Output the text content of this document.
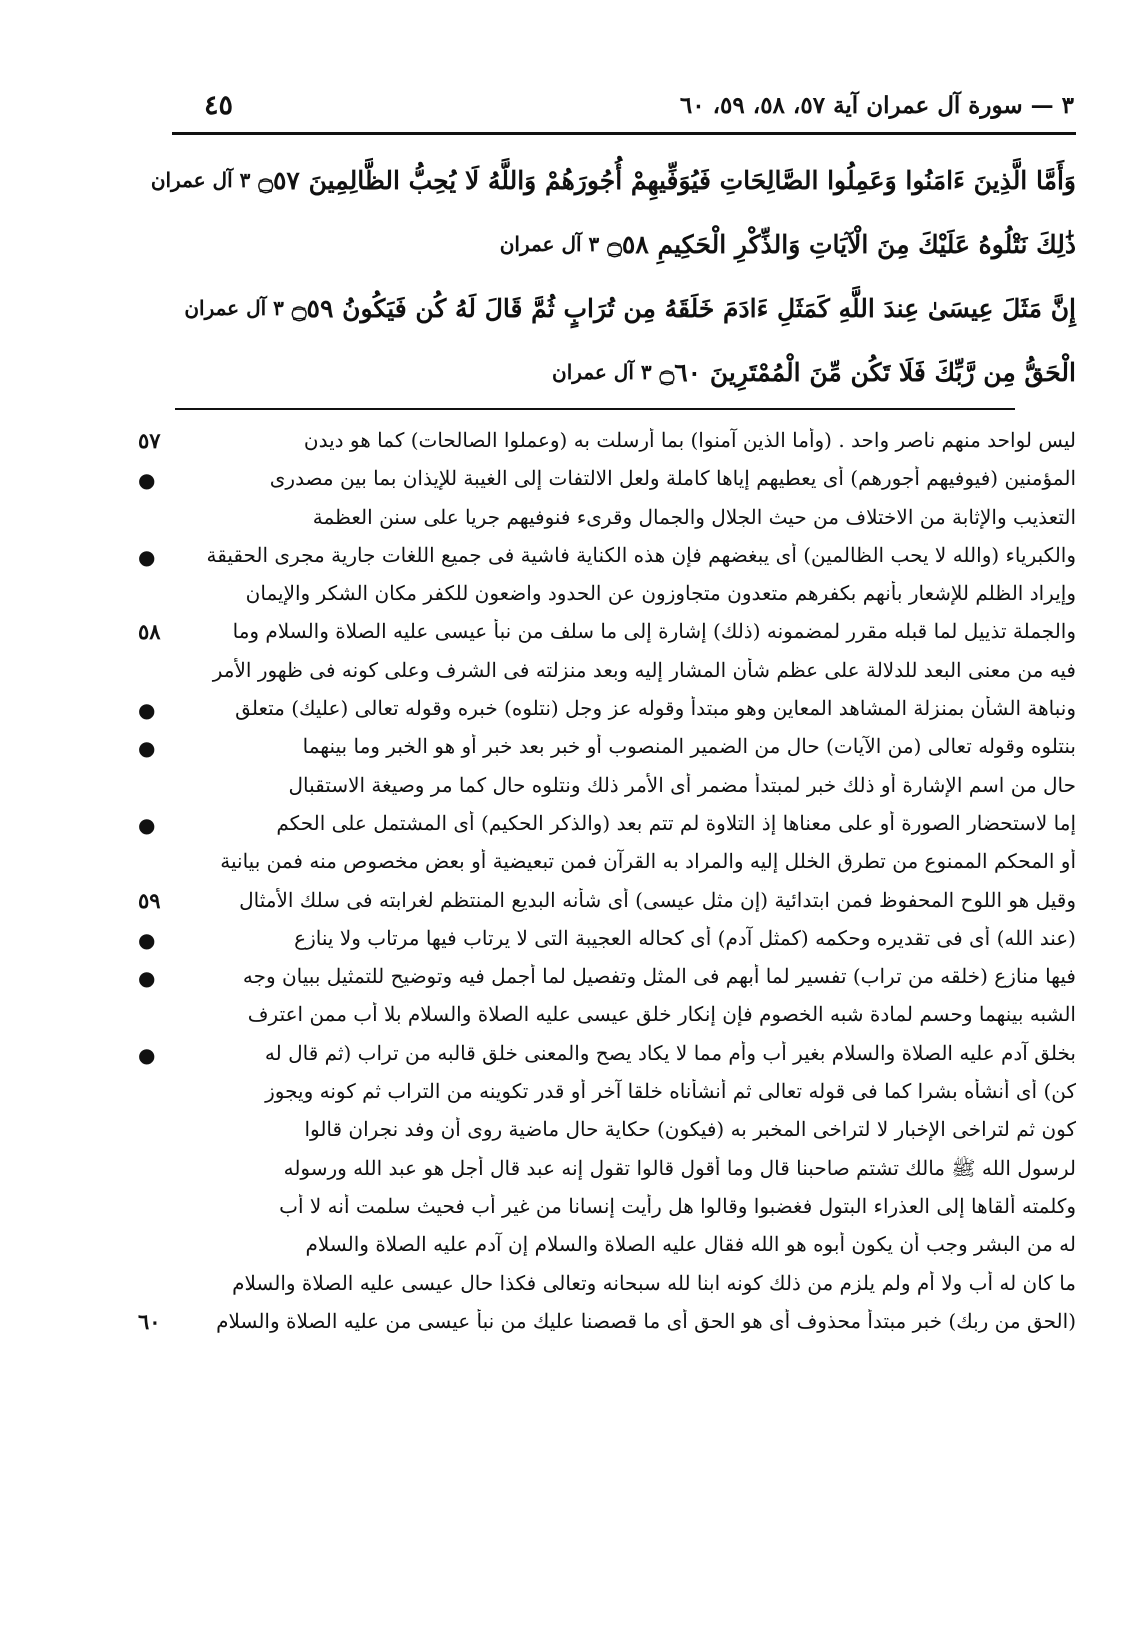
٣ — سورة آل عمران آية ٥٧، ٥٨، ٥٩، ٦٠
٤٥
وَأَمَّا الَّذِينَ ءَامَنُوا وَعَمِلُوا الصَّالِحَاتِ فَيُوَفِّيهِمْ أُجُورَهُمْ وَاللَّهُ لَا يُحِبُّ الظَّالِمِينَ ۝٥٧
٣ آل عمران
ذَٰلِكَ نَتْلُوهُ عَلَيْكَ مِنَ الْآيَاتِ وَالذِّكْرِ الْحَكِيمِ ۝٥٨
٣ آل عمران
إِنَّ مَثَلَ عِيسَىٰ عِندَ اللَّهِ كَمَثَلِ ءَادَمَ خَلَقَهُ مِن تُرَابٍ ثُمَّ قَالَ لَهُ كُن فَيَكُونُ ۝٥٩
٣ آل عمران
الْحَقُّ مِن رَّبِّكَ فَلَا تَكُن مِّنَ الْمُمْتَرِينَ ۝٦٠
٣ آل عمران
ليس لواحد منهم ناصر واحد . (وأما الذين آمنوا) بما أرسلت به (وعملوا الصالحات) كما هو ديدن
٥٧
المؤمنين (فيوفيهم أجورهم) أى يعطيهم إياها كاملة ولعل الالتفات إلى الغيبة للإيذان بما بين مصدرى
●
التعذيب والإثابة من الاختلاف من حيث الجلال والجمال وقرىء فنوفيهم جريا على سنن العظمة
والكبرياء (والله لا يحب الظالمين) أى يبغضهم فإن هذه الكناية فاشية فى جميع اللغات جارية مجرى الحقيقة
●
وإيراد الظلم للإشعار بأنهم بكفرهم متعدون متجاوزون عن الحدود واضعون للكفر مكان الشكر والإيمان
والجملة تذييل لما قبله مقرر لمضمونه (ذلك) إشارة إلى ما سلف من نبأ عيسى عليه الصلاة والسلام وما
٥٨
فيه من معنى البعد للدلالة على عظم شأن المشار إليه وبعد منزلته فى الشرف وعلى كونه فى ظهور الأمر
ونباهة الشأن بمنزلة المشاهد المعاين وهو مبتدأ وقوله عز وجل (نتلوه) خبره وقوله تعالى (عليك) متعلق
●
بنتلوه وقوله تعالى (من الآيات) حال من الضمير المنصوب أو خبر بعد خبر أو هو الخبر وما بينهما
●
حال من اسم الإشارة أو ذلك خبر لمبتدأ مضمر أى الأمر ذلك ونتلوه حال كما مر وصيغة الاستقبال
إما لاستحضار الصورة أو على معناها إذ التلاوة لم تتم بعد (والذكر الحكيم) أى المشتمل على الحكم
●
أو المحكم الممنوع من تطرق الخلل إليه والمراد به القرآن فمن تبعيضية أو بعض مخصوص منه فمن بيانية
وقيل هو اللوح المحفوظ فمن ابتدائية (إن مثل عيسى) أى شأنه البديع المنتظم لغرابته فى سلك الأمثال
٥٩
(عند الله) أى فى تقديره وحكمه (كمثل آدم) أى كحاله العجيبة التى لا يرتاب فيها مرتاب ولا ينازع
●
فيها منازع (خلقه من تراب) تفسير لما أبهم فى المثل وتفصيل لما أجمل فيه وتوضيح للتمثيل ببيان وجه
●
الشبه بينهما وحسم لمادة شبه الخصوم فإن إنكار خلق عيسى عليه الصلاة والسلام بلا أب ممن اعترف
بخلق آدم عليه الصلاة والسلام بغير أب وأم مما لا يكاد يصح والمعنى خلق قالبه من تراب (ثم قال له
●
كن) أى أنشأه بشرا كما فى قوله تعالى ثم أنشأناه خلقا آخر أو قدر تكوينه من التراب ثم كونه ويجوز
كون ثم لتراخى الإخبار لا لتراخى المخبر به (فيكون) حكاية حال ماضية روى أن وفد نجران قالوا
لرسول الله ﷺ مالك تشتم صاحبنا قال وما أقول قالوا تقول إنه عبد قال أجل هو عبد الله ورسوله
وكلمته ألقاها إلى العذراء البتول فغضبوا وقالوا هل رأيت إنسانا من غير أب فحيث سلمت أنه لا أب
له من البشر وجب أن يكون أبوه هو الله فقال عليه الصلاة والسلام إن آدم عليه الصلاة والسلام
ما كان له أب ولا أم ولم يلزم من ذلك كونه ابنا لله سبحانه وتعالى فكذا حال عيسى عليه الصلاة والسلام
(الحق من ربك) خبر مبتدأ محذوف أى هو الحق أى ما قصصنا عليك من نبأ عيسى من عليه الصلاة والسلام
٦٠
